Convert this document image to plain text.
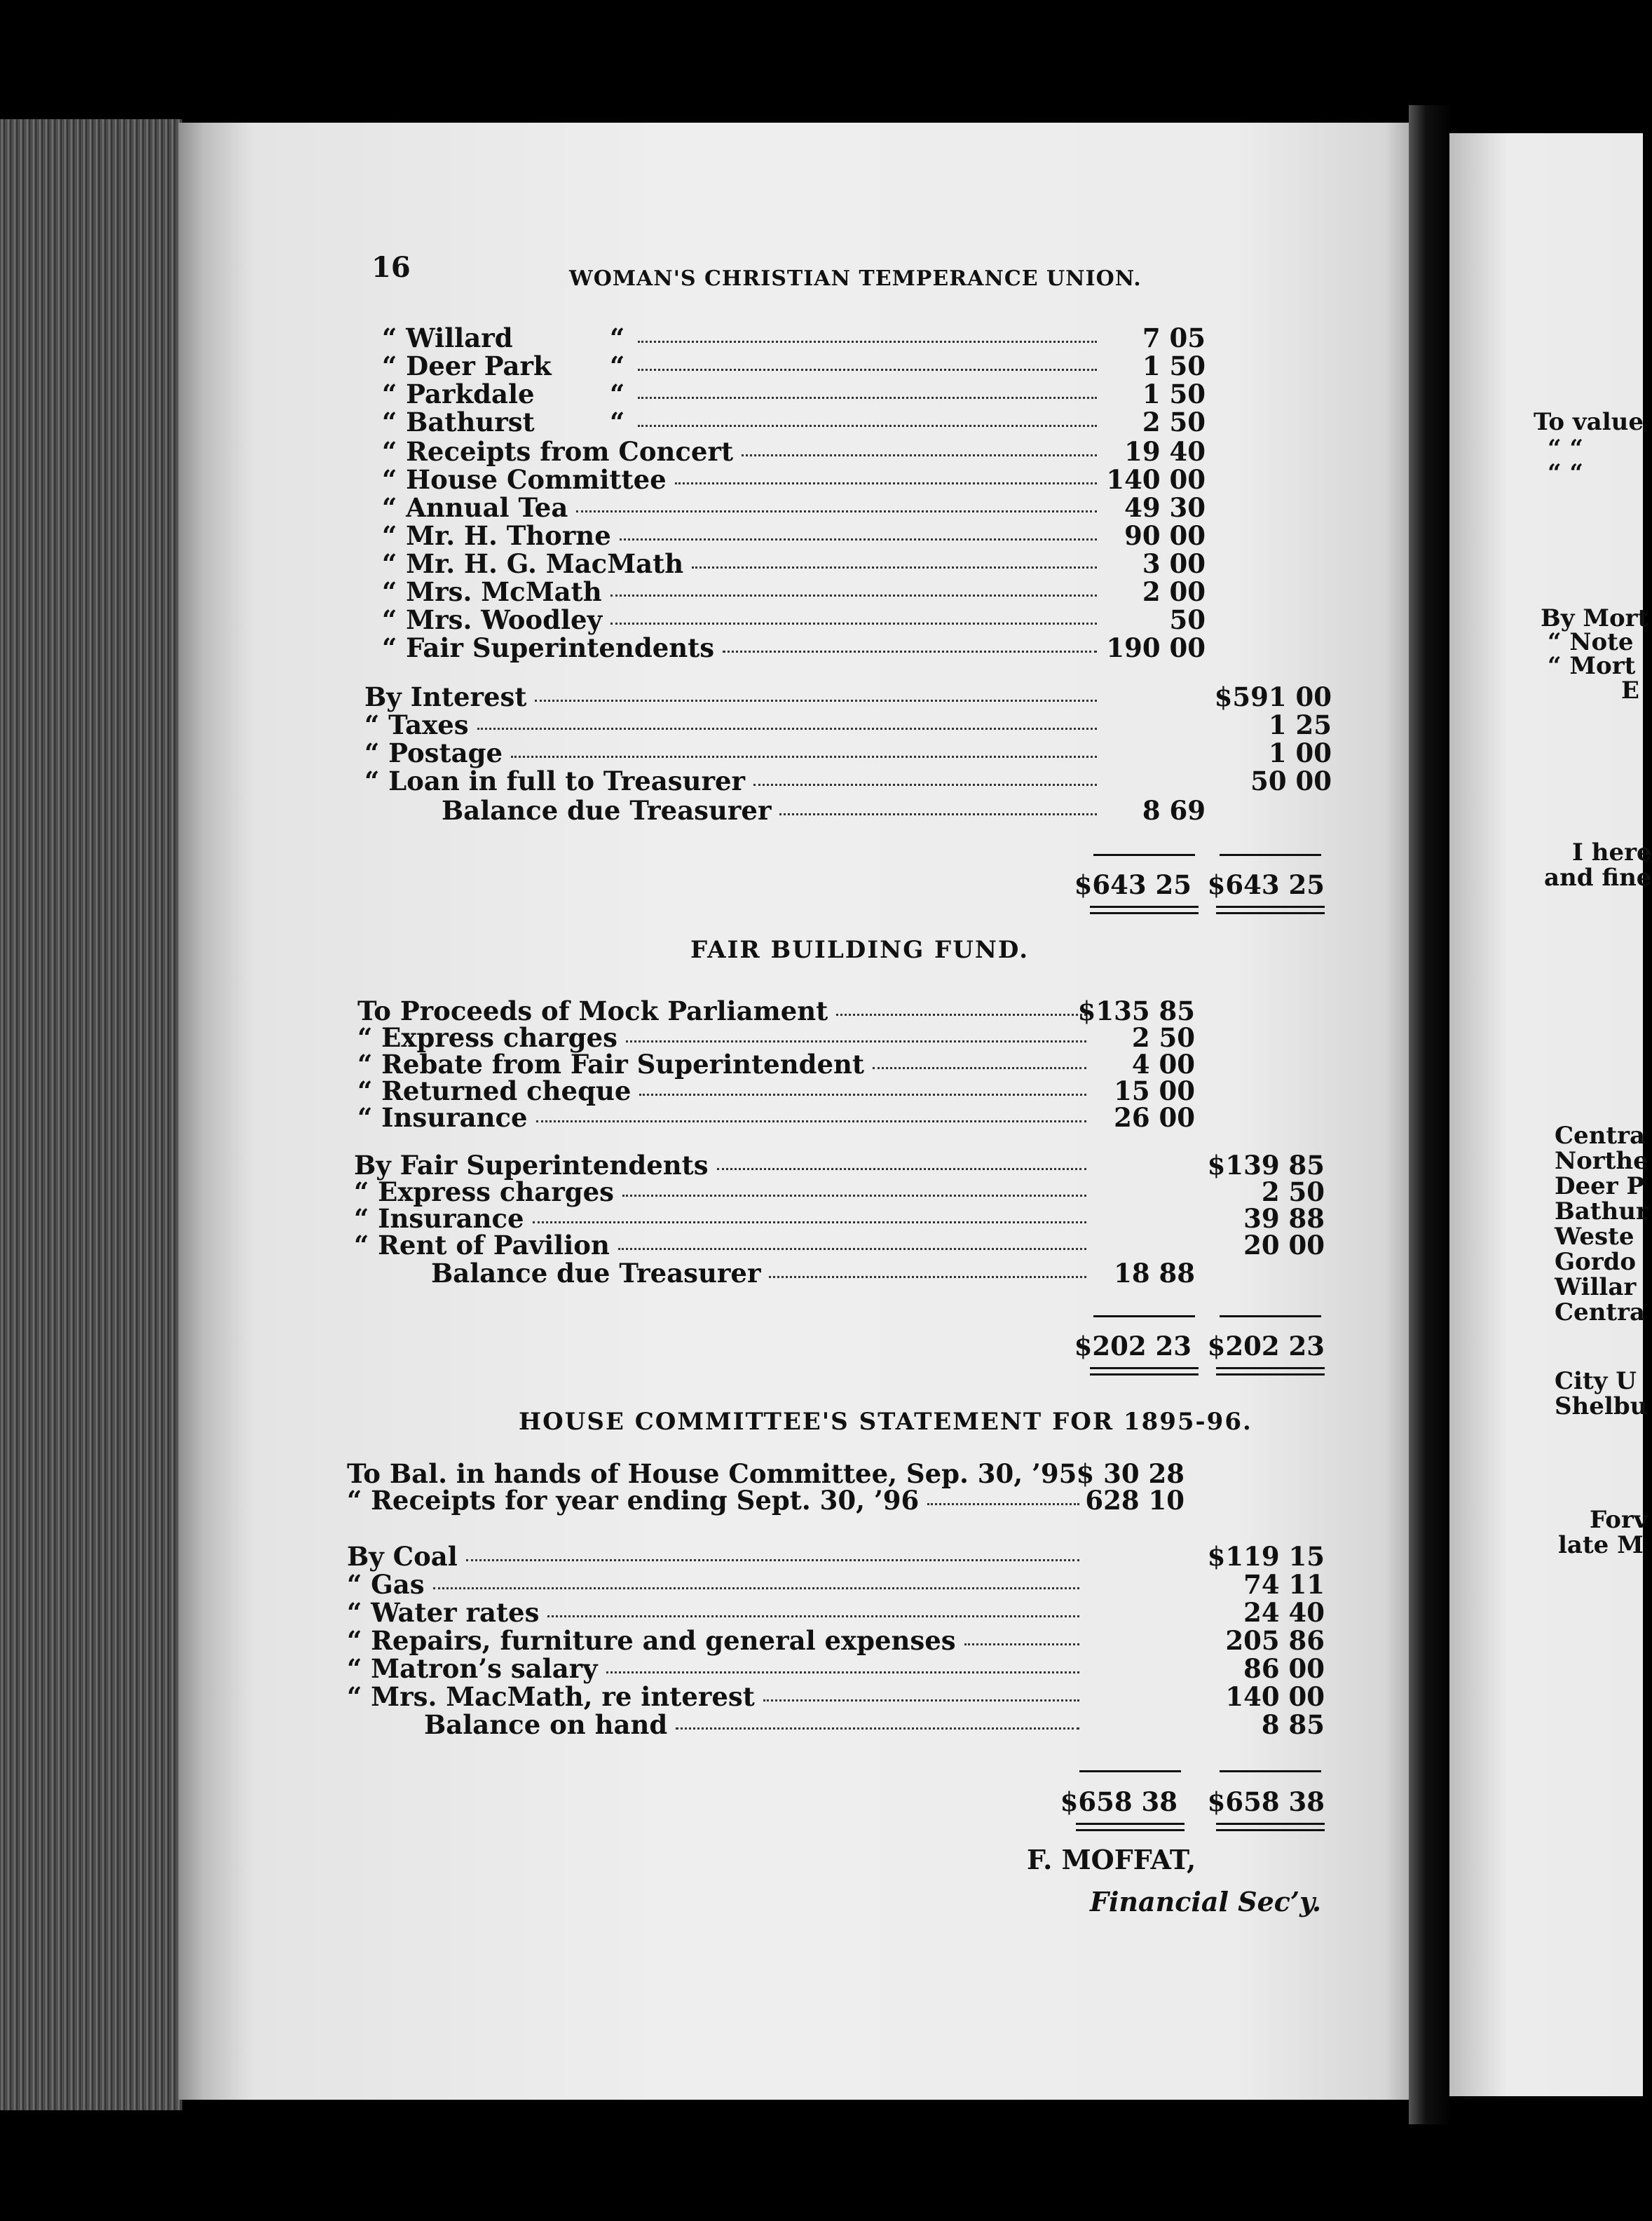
To value
“ “
“ “
By Mort
“ Note
“ Mort
E
I here
and fine
Centra
Northe
Deer P
Bathur
Weste
Gordo
Willar
Centra
City U
Shelbu
Forv
late M
16	WOMAN'S CHRISTIAN TEMPERANCE UNION.
“ Willard	“	7 05
“ Deer Park “	1 50
“ Parkdale	“	1 50
“ Bathurst	“	2 50
“ Receipts from Concert	19 40
“ House Committee	140 00
“ Annual Tea	49 30
“ Mr. H. Thorne	90 00
“ Mr. H. G. MacMath	3 00
“ Mrs. McMath	2 00
“ Mrs. Woodley	50
“ Fair Superintendents	190 00
By Interest	$591 00
“ Taxes	1 25
“ Postage	1 00
“ Loan in full to Treasurer	50 00
Balance due Treasurer	8 69
$643 25 $643 25
FAIR BUILDING FUND.
To Proceeds of Mock Parliament	$135 85
“ Express charges	2 50
“ Rebate from Fair Superintendent	4 00
“ Returned cheque	15 00
“ Insurance	26 00
By Fair Superintendents	$139 85
“ Express charges	2 50
“ Insurance	39 88
“ Rent of Pavilion	20 00
Balance due Treasurer	18 88
$202 23 $202 23
HOUSE COMMITTEE'S STATEMENT FOR 1895-96.
To Bal. in hands of House Committee, Sep. 30, ’95 $ 30 28
“ Receipts for year ending Sept. 30, ’96	628 10
By Coal	$119 15
“ Gas	74 11
“ Water rates	24 40
“ Repairs, furniture and general expenses	205 86
“ Matron’s salary	86 00
“ Mrs. MacMath, re interest	140 00
Balance on hand	8 85
$658 38	$658 38
F. MOFFAT,
Financial Sec’y.
